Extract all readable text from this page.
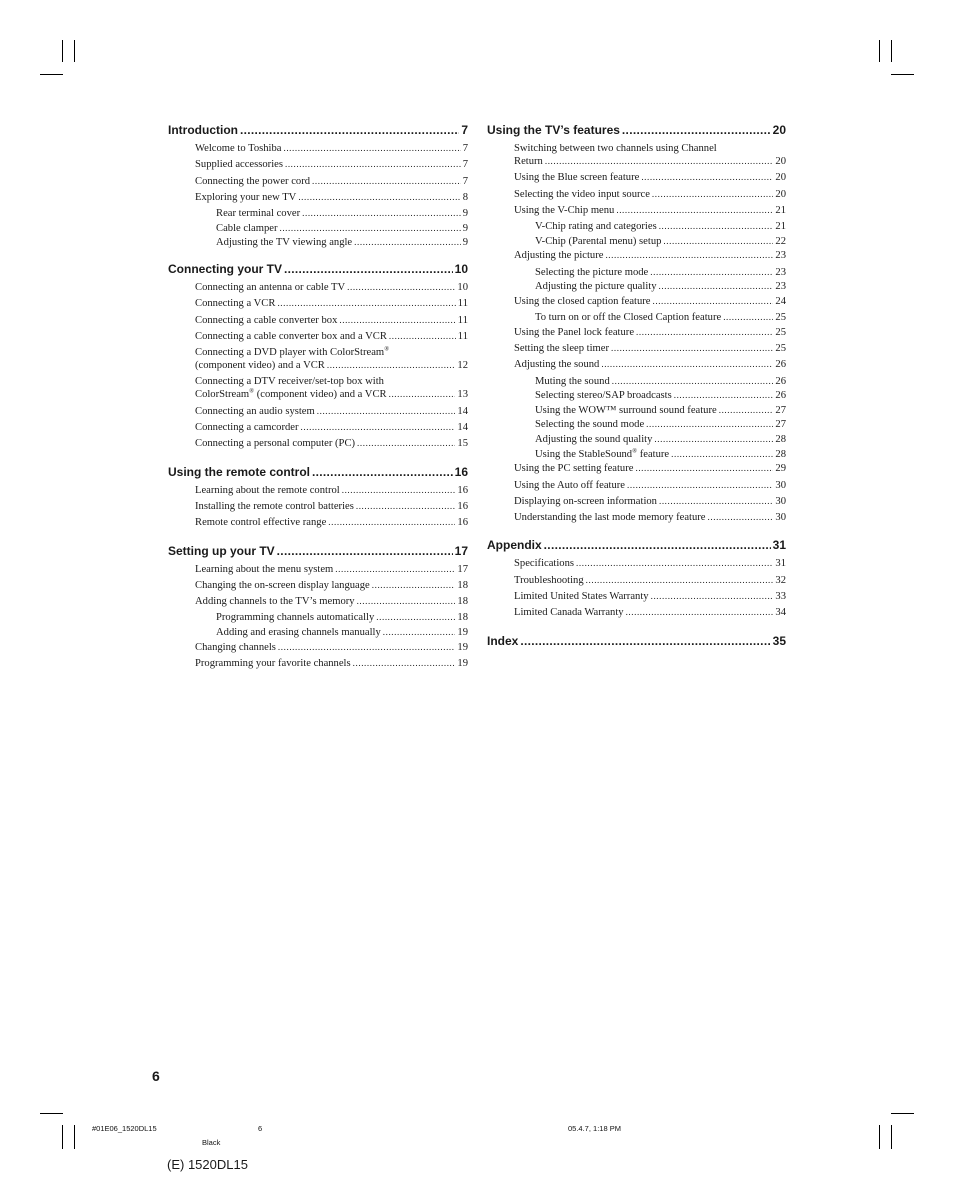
Introduction .....	7
Welcome to Toshiba .....	7
Supplied accessories .....	7
Connecting the power cord .....	7
Exploring your new TV .....	8
Rear terminal cover .....	9
Cable clamper .....	9
Adjusting the TV viewing angle .....	9
Connecting your TV .....	10
Connecting an antenna or cable TV .....	10
Connecting a VCR .....	11
Connecting a cable converter box .....	11
Connecting a cable converter box and a VCR .....	11
Connecting a DVD player with ColorStream®
(component video) and a VCR .....	12
Connecting a DTV receiver/set-top box with
ColorStream® (component video) and a VCR .....	13
Connecting an audio system .....	14
Connecting a camcorder .....	14
Connecting a personal computer (PC) .....	15
Using the remote control .....	16
Learning about the remote control .....	16
Installing the remote control batteries .....	16
Remote control effective range .....	16
Setting up your TV .....	17
Learning about the menu system .....	17
Changing the on-screen display language .....	18
Adding channels to the TV’s memory .....	18
Programming channels automatically .....	18
Adding and erasing channels manually .....	19
Changing channels .....	19
Programming your favorite channels .....	19
Using the TV’s features .....	20
Switching between two channels using Channel
Return .....	20
Using the Blue screen feature .....	20
Selecting the video input source .....	20
Using the V-Chip menu .....	21
V-Chip rating and categories .....	21
V-Chip (Parental menu) setup .....	22
Adjusting the picture .....	23
Selecting the picture mode .....	23
Adjusting the picture quality .....	23
Using the closed caption feature .....	24
To turn on or off the Closed Caption feature .....	25
Using the Panel lock feature .....	25
Setting the sleep timer .....	25
Adjusting the sound .....	26
Muting the sound .....	26
Selecting stereo/SAP broadcasts .....	26
Using the WOW™ surround sound feature .....	27
Selecting the sound mode .....	27
Adjusting the sound quality .....	28
Using the StableSound® feature .....	28
Using the PC setting feature .....	29
Using the Auto off feature .....	30
Displaying on-screen information .....	30
Understanding the last mode memory feature .....	30
Appendix .....	31
Specifications .....	31
Troubleshooting .....	32
Limited United States Warranty .....	33
Limited Canada Warranty .....	34
Index .....	35
6
#01E06_1520DL15	6
Black
05.4.7, 1:18 PM
(E) 1520DL15
